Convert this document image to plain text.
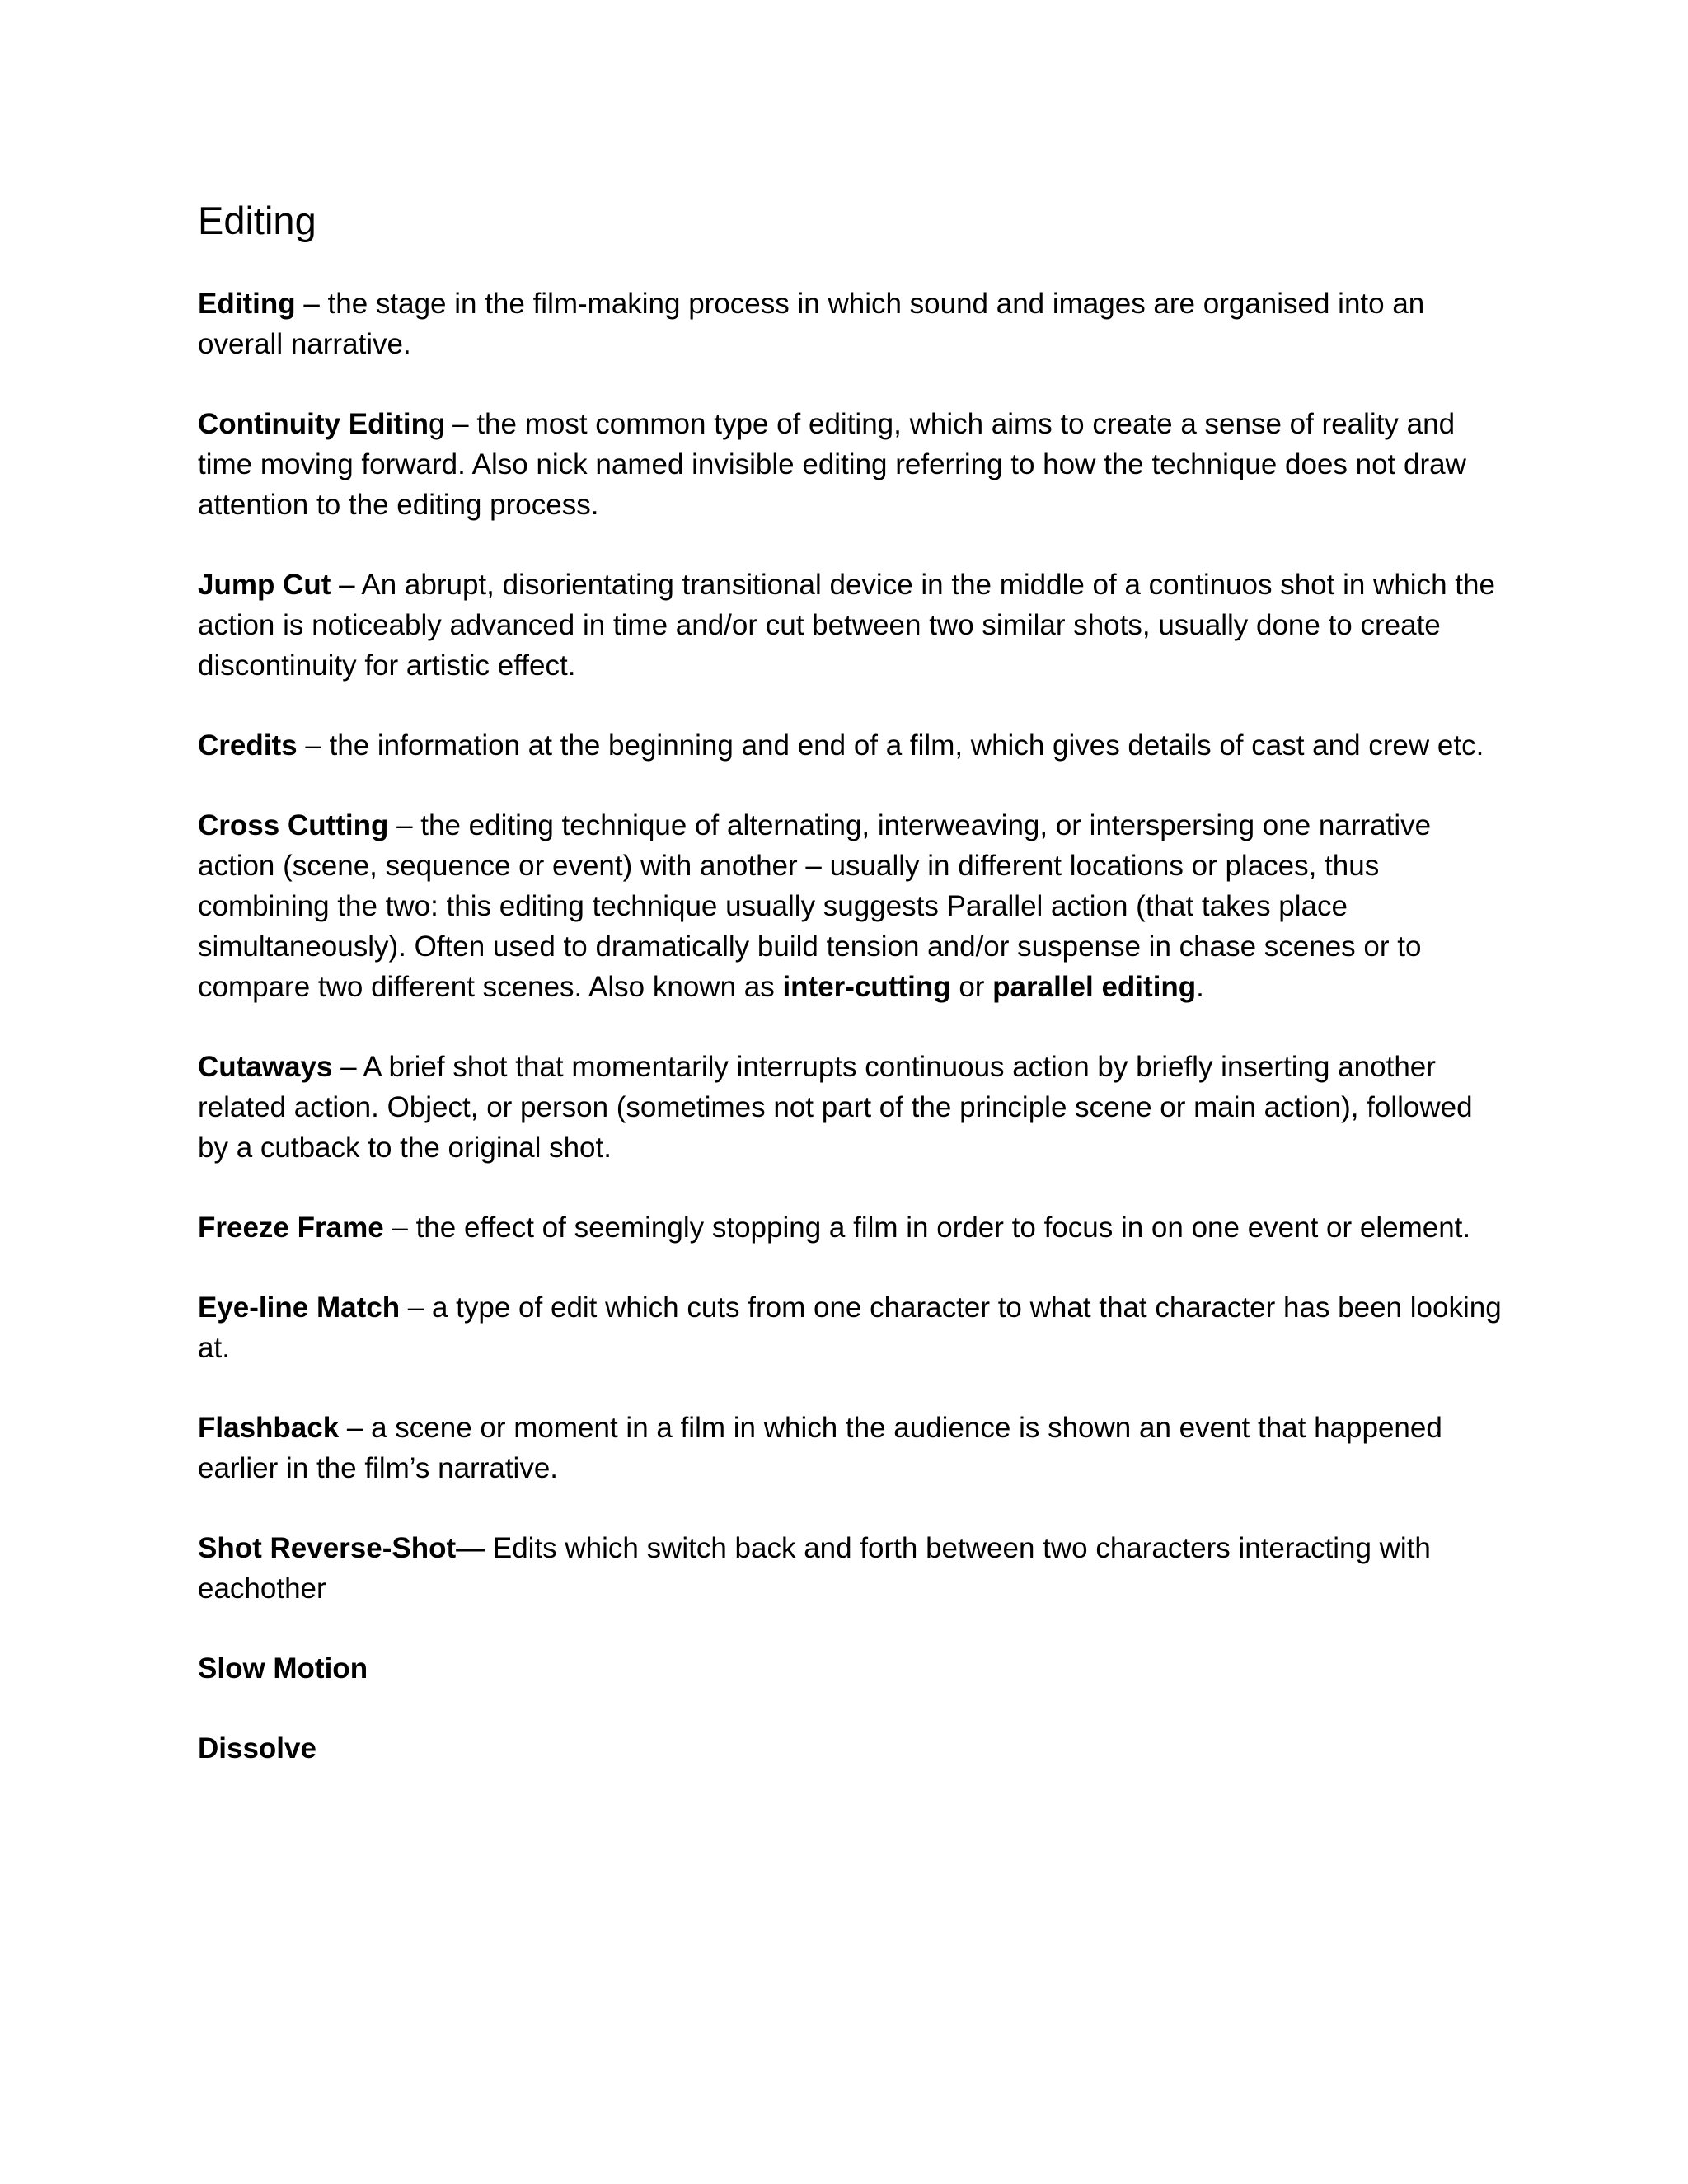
Editing

Editing – the stage in the film-making process in which sound and images are organised into an overall narrative.

Continuity Editing – the most common type of editing, which aims to create a sense of reality and time moving forward. Also nick named invisible editing referring to how the technique does not draw attention to the editing process.

Jump Cut – An abrupt, disorientating transitional device in the middle of a continuos shot in which the action is noticeably advanced in time and/or cut between two similar shots, usually done to create discontinuity for artistic effect.

Credits – the information at the beginning and end of a film, which gives details of cast and crew etc.

Cross Cutting – the editing technique of alternating, interweaving, or interspersing one narrative action (scene, sequence or event) with another – usually in different locations or places, thus combining the two: this editing technique usually suggests Parallel action (that takes place simultaneously). Often used to dramatically build tension and/or suspense in chase scenes or to compare two different scenes. Also known as inter-cutting or parallel editing.

Cutaways – A brief shot that momentarily interrupts continuous action by briefly inserting another related action. Object, or person (sometimes not part of the principle scene or main action), followed by a cutback to the original shot.

Freeze Frame – the effect of seemingly stopping a film in order to focus in on one event or element.

Eye-line Match – a type of edit which cuts from one character to what that character has been looking at.

Flashback – a scene or moment in a film in which the audience is shown an event that happened earlier in the film’s narrative.

Shot Reverse-Shot— Edits which switch back and forth between two characters interacting with eachother

Slow Motion

Dissolve
